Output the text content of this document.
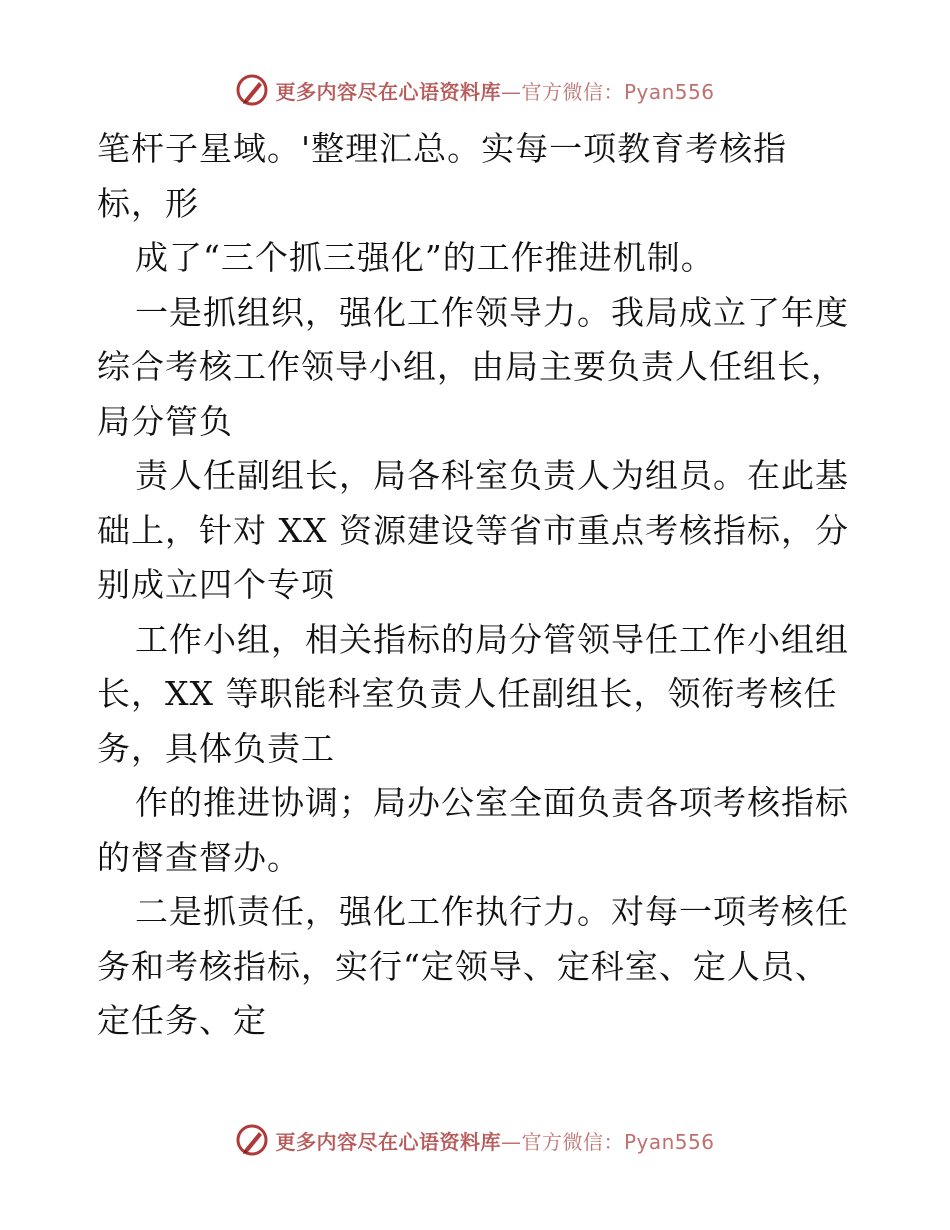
更多内容尽在心语资料库—官方微信：Pyan556
笔杆子星域。'整理汇总。实每一项教育考核指
标，形
成了“三个抓三强化”的工作推进机制。
一是抓组织，强化工作领导力。我局成立了年度
综合考核工作领导小组，由局主要负责人任组长，
局分管负
责人任副组长，局各科室负责人为组员。在此基
础上，针对 XX 资源建设等省市重点考核指标，分
别成立四个专项
工作小组，相关指标的局分管领导任工作小组组
长，XX 等职能科室负责人任副组长，领衔考核任
务，具体负责工
作的推进协调；局办公室全面负责各项考核指标
的督查督办。
二是抓责任，强化工作执行力。对每一项考核任
务和考核指标，实行“定领导、定科室、定人员、
定任务、定
更多内容尽在心语资料库—官方微信：Pyan556
